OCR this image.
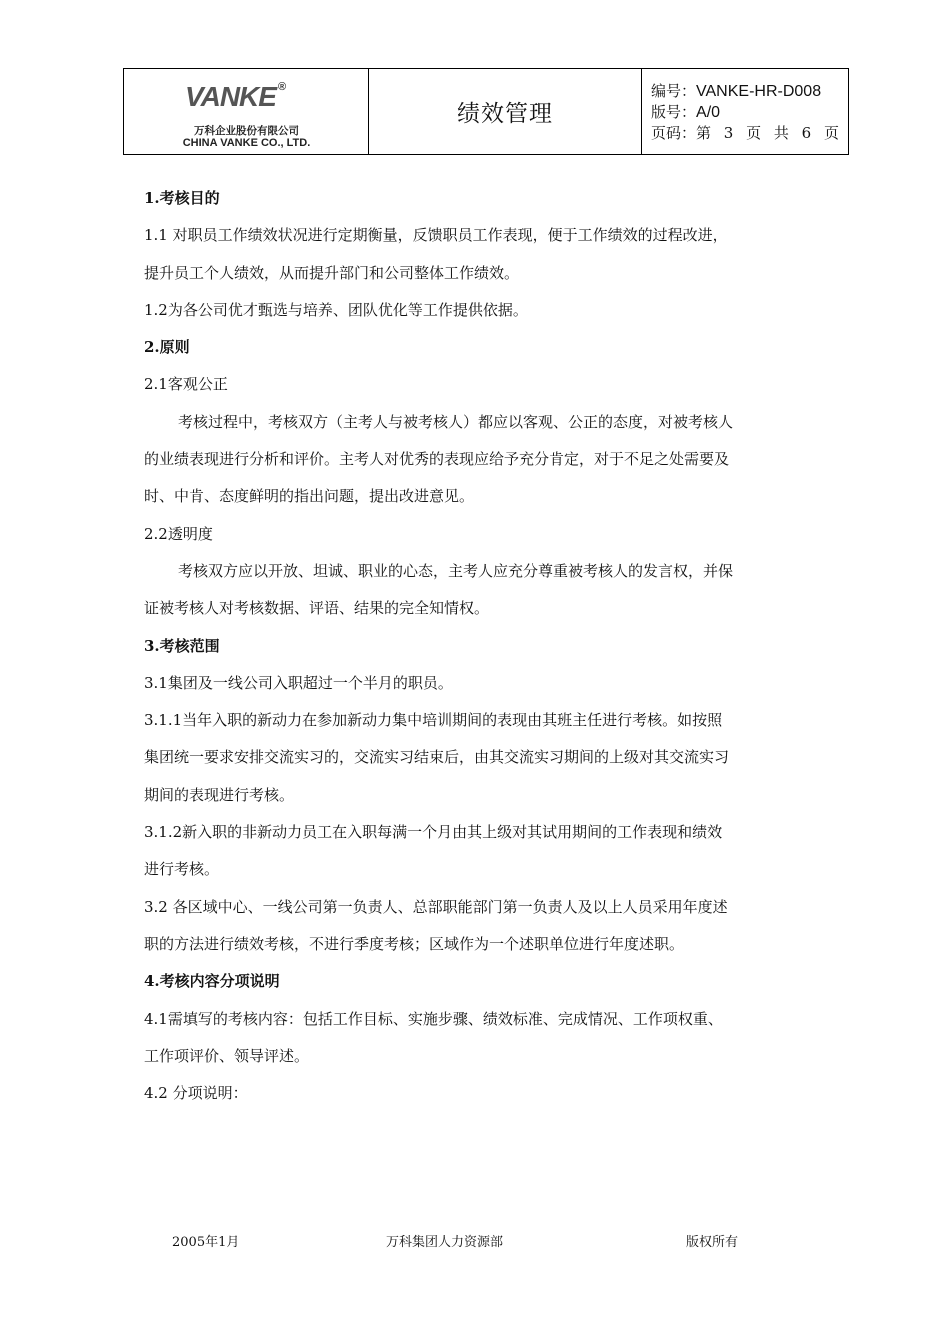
VANKE ®
万科企业股份有限公司
CHINA VANKE CO., LTD.
绩效管理
编号：VANKE-HR-D008
版号：A/0
页码：第 3 页 共 6 页

1.考核目的

1.1 对职员工作绩效状况进行定期衡量，反馈职员工作表现，便于工作绩效的过程改进，

提升员工个人绩效，从而提升部门和公司整体工作绩效。

1.2为各公司优才甄选与培养、团队优化等工作提供依据。

2.原则

2.1客观公正

考核过程中，考核双方（主考人与被考核人）都应以客观、公正的态度，对被考核人

的业绩表现进行分析和评价。主考人对优秀的表现应给予充分肯定，对于不足之处需要及

时、中肯、态度鲜明的指出问题，提出改进意见。

2.2透明度

考核双方应以开放、坦诚、职业的心态，主考人应充分尊重被考核人的发言权，并保

证被考核人对考核数据、评语、结果的完全知情权。

3.考核范围

3.1集团及一线公司入职超过一个半月的职员。

3.1.1当年入职的新动力在参加新动力集中培训期间的表现由其班主任进行考核。如按照

集团统一要求安排交流实习的，交流实习结束后，由其交流实习期间的上级对其交流实习

期间的表现进行考核。

3.1.2新入职的非新动力员工在入职每满一个月由其上级对其试用期间的工作表现和绩效

进行考核。

3.2 各区域中心、一线公司第一负责人、总部职能部门第一负责人及以上人员采用年度述

职的方法进行绩效考核，不进行季度考核；区域作为一个述职单位进行年度述职。

4.考核内容分项说明

4.1需填写的考核内容：包括工作目标、实施步骤、绩效标准、完成情况、工作项权重、

工作项评价、领导评述。

4.2 分项说明：

2005年1月	万科集团人力资源部	版权所有
